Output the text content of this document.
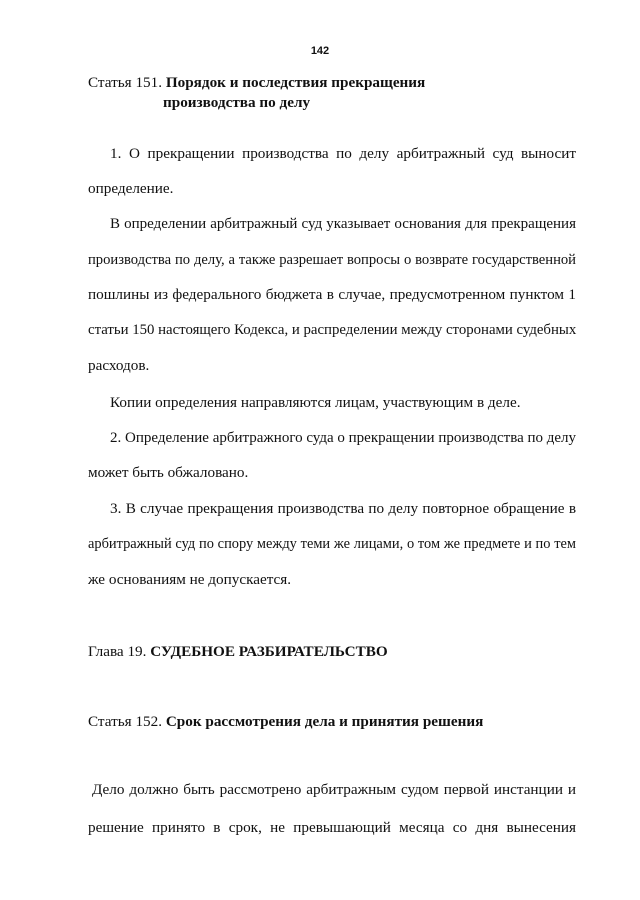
142
Статья 151. Порядок и последствия прекращения
производства по делу
1. О прекращении производства по делу арбитражный суд выносит
определение.
В определении арбитражный суд указывает основания для прекращения
производства по делу, а также разрешает вопросы о возврате государственной
пошлины из федерального бюджета в случае, предусмотренном пунктом 1
статьи 150 настоящего Кодекса, и распределении между сторонами судебных
расходов.
Копии определения направляются лицам, участвующим в деле.
2. Определение арбитражного суда о прекращении производства по делу
может быть обжаловано.
3. В случае прекращения производства по делу повторное обращение в
арбитражный суд по спору между теми же лицами, о том же предмете и по тем
же основаниям не допускается.
Глава 19. СУДЕБНОЕ РАЗБИРАТЕЛЬСТВО
Статья 152. Срок рассмотрения дела и принятия решения
Дело должно быть рассмотрено арбитражным судом первой инстанции и
решение принято в срок, не превышающий месяца со дня вынесения
